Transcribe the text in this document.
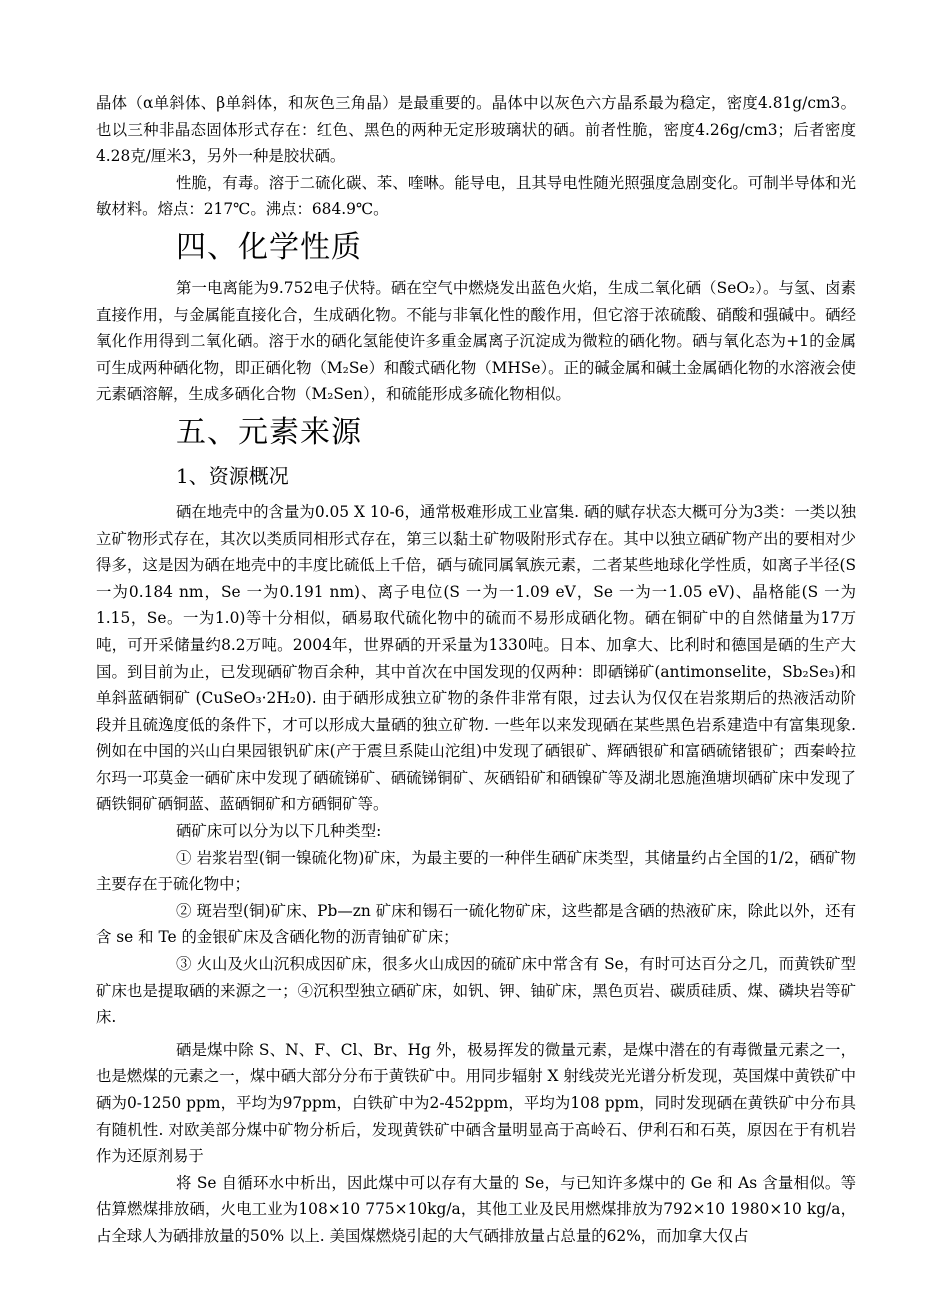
晶体（α单斜体、β单斜体，和灰色三角晶）是最重要的。晶体中以灰色六方晶系最为稳定，密度4.81g/cm3。也以三种非晶态固体形式存在：红色、黑色的两种无定形玻璃状的硒。前者性脆，密度4.26g/cm3；后者密度4.28克/厘米3，另外一种是胶状硒。

性脆，有毒。溶于二硫化碳、苯、喹啉。能导电，且其导电性随光照强度急剧变化。可制半导体和光敏材料。熔点：217℃。沸点：684.9℃。

四、化学性质

第一电离能为9.752电子伏特。硒在空气中燃烧发出蓝色火焰，生成二氧化硒（SeO₂）。与氢、卤素直接作用，与金属能直接化合，生成硒化物。不能与非氧化性的酸作用，但它溶于浓硫酸、硝酸和强碱中。硒经氧化作用得到二氧化硒。溶于水的硒化氢能使许多重金属离子沉淀成为微粒的硒化物。硒与氧化态为+1的金属可生成两种硒化物，即正硒化物（M₂Se）和酸式硒化物（MHSe）。正的碱金属和碱土金属硒化物的水溶液会使元素硒溶解，生成多硒化合物（M₂Sen），和硫能形成多硫化物相似。

五、元素来源
1、资源概况

硒在地壳中的含量为0.05 X 10-6，通常极难形成工业富集. 硒的赋存状态大概可分为3类：一类以独立矿物形式存在，其次以类质同相形式存在，第三以黏土矿物吸附形式存在。其中以独立硒矿物产出的要相对少得多，这是因为硒在地壳中的丰度比硫低上千倍，硒与硫同属氧族元素，二者某些地球化学性质，如离子半径(S 一为0.184 nm，Se 一为0.191 nm)、离子电位(S 一为一1.09 eV，Se 一为一1.05 eV)、晶格能(S 一为1.15，Se。一为1.0)等十分相似，硒易取代硫化物中的硫而不易形成硒化物。硒在铜矿中的自然储量为17万吨，可开采储量约8.2万吨。2004年，世界硒的开采量为1330吨。日本、加拿大、比利时和德国是硒的生产大国。到目前为止，已发现硒矿物百余种，其中首次在中国发现的仅两种：即硒锑矿(antimonselite，Sb₂Se₃)和单斜蓝硒铜矿 (CuSeO₃·2H₂0). 由于硒形成独立矿物的条件非常有限，过去认为仅仅在岩浆期后的热液活动阶段并且硫逸度低的条件下，才可以形成大量硒的独立矿物. 一些年以来发现硒在某些黑色岩系建造中有富集现象. 例如在中国的兴山白果园银钒矿床(产于震旦系陡山沱组)中发现了硒银矿、辉硒银矿和富硒硫锗银矿；西秦岭拉尔玛一邛莫金一硒矿床中发现了硒硫锑矿、硒硫锑铜矿、灰硒铅矿和硒镍矿等及湖北恩施渔塘坝硒矿床中发现了硒铁铜矿硒铜蓝、蓝硒铜矿和方硒铜矿等。

硒矿床可以分为以下几种类型:

① 岩浆岩型(铜一镍硫化物)矿床，为最主要的一种伴生硒矿床类型，其储量约占全国的1/2，硒矿物主要存在于硫化物中；

② 斑岩型(铜)矿床、Pb—zn 矿床和锡石一硫化物矿床，这些都是含硒的热液矿床，除此以外，还有含 se 和 Te 的金银矿床及含硒化物的沥青铀矿矿床；

③ 火山及火山沉积成因矿床，很多火山成因的硫矿床中常含有 Se，有时可达百分之几，而黄铁矿型矿床也是提取硒的来源之一；④沉积型独立硒矿床，如钒、钾、铀矿床，黑色页岩、碳质硅质、煤、磷块岩等矿床.

硒是煤中除 S、N、F、Cl、Br、Hg 外，极易挥发的微量元素，是煤中潜在的有毒微量元素之一，也是燃煤的元素之一，煤中硒大部分分布于黄铁矿中。用同步辐射 X 射线荧光光谱分析发现，英国煤中黄铁矿中硒为0-1250 ppm，平均为97ppm，白铁矿中为2-452ppm，平均为108 ppm，同时发现硒在黄铁矿中分布具有随机性. 对欧美部分煤中矿物分析后，发现黄铁矿中硒含量明显高于高岭石、伊利石和石英，原因在于有机岩作为还原剂易于

将 Se 自循环水中析出，因此煤中可以存有大量的 Se，与已知许多煤中的 Ge 和 As 含量相似。等估算燃煤排放硒，火电工业为108×10 775×10kg/a，其他工业及民用燃煤排放为792×10 1980×10 kg/a，占全球人为硒排放量的50% 以上. 美国煤燃烧引起的大气硒排放量占总量的62%，而加拿大仅占
